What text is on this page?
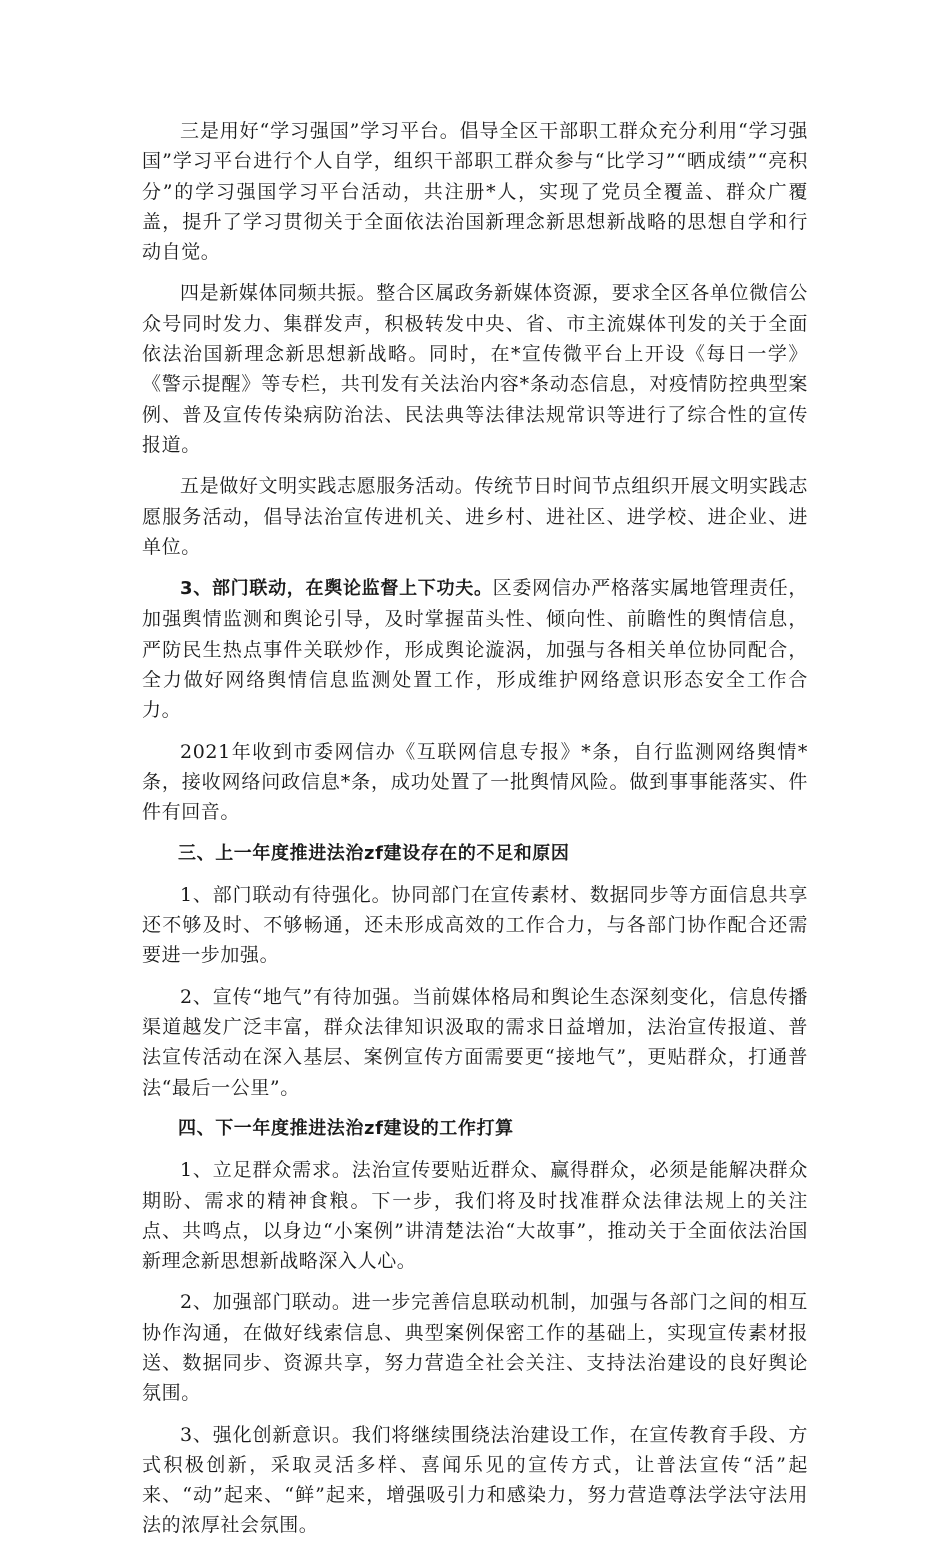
三是用好“学习强国”学习平台。倡导全区干部职工群众充分利用“学习强国”学习平台进行个人自学，组织干部职工群众参与“比学习”“晒成绩”“亮积分”的学习强国学习平台活动，共注册*人，实现了党员全覆盖、群众广覆盖，提升了学习贯彻关于全面依法治国新理念新思想新战略的思想自学和行动自觉。

四是新媒体同频共振。整合区属政务新媒体资源，要求全区各单位微信公众号同时发力、集群发声，积极转发中央、省、市主流媒体刊发的关于全面依法治国新理念新思想新战略。同时，在*宣传微平台上开设《每日一学》《警示提醒》等专栏，共刊发有关法治内容*条动态信息，对疫情防控典型案例、普及宣传传染病防治法、民法典等法律法规常识等进行了综合性的宣传报道。

五是做好文明实践志愿服务活动。传统节日时间节点组织开展文明实践志愿服务活动，倡导法治宣传进机关、进乡村、进社区、进学校、进企业、进单位。

3、部门联动，在舆论监督上下功夫。区委网信办严格落实属地管理责任，加强舆情监测和舆论引导，及时掌握苗头性、倾向性、前瞻性的舆情信息，严防民生热点事件关联炒作，形成舆论漩涡，加强与各相关单位协同配合，全力做好网络舆情信息监测处置工作，形成维护网络意识形态安全工作合力。

2021年收到市委网信办《互联网信息专报》*条，自行监测网络舆情*条，接收网络问政信息*条，成功处置了一批舆情风险。做到事事能落实、件件有回音。

三、上一年度推进法治zf建设存在的不足和原因

1、部门联动有待强化。协同部门在宣传素材、数据同步等方面信息共享还不够及时、不够畅通，还未形成高效的工作合力，与各部门协作配合还需要进一步加强。

2、宣传“地气”有待加强。当前媒体格局和舆论生态深刻变化，信息传播渠道越发广泛丰富，群众法律知识汲取的需求日益增加，法治宣传报道、普法宣传活动在深入基层、案例宣传方面需要更“接地气”，更贴群众，打通普法“最后一公里”。

四、下一年度推进法治zf建设的工作打算

1、立足群众需求。法治宣传要贴近群众、赢得群众，必须是能解决群众期盼、需求的精神食粮。下一步，我们将及时找准群众法律法规上的关注点、共鸣点，以身边“小案例”讲清楚法治“大故事”，推动关于全面依法治国新理念新思想新战略深入人心。

2、加强部门联动。进一步完善信息联动机制，加强与各部门之间的相互协作沟通，在做好线索信息、典型案例保密工作的基础上，实现宣传素材报送、数据同步、资源共享，努力营造全社会关注、支持法治建设的良好舆论氛围。

3、强化创新意识。我们将继续围绕法治建设工作，在宣传教育手段、方式积极创新，采取灵活多样、喜闻乐见的宣传方式，让普法宣传“活”起来、“动”起来、“鲜”起来，增强吸引力和感染力，努力营造尊法学法守法用法的浓厚社会氛围。
